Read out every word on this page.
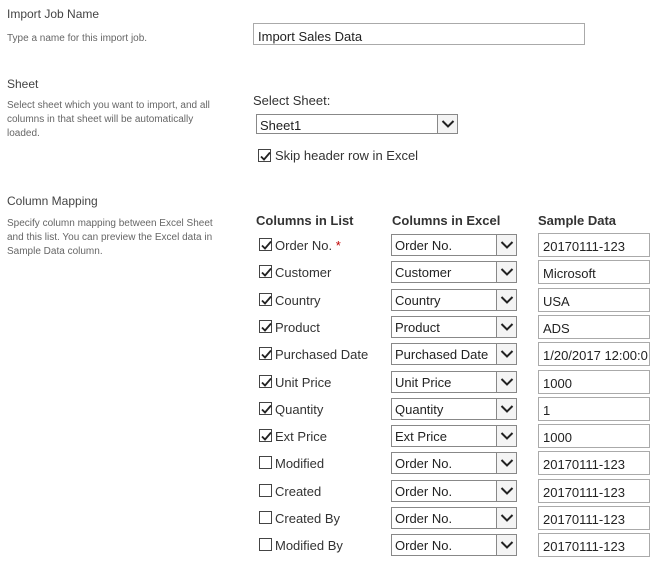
Import Job Name
Type a name for this import job.	Import Sales Data
Sheet
Select sheet which you want to import, and all columns in that sheet will be automatically loaded.
Select Sheet:
Sheet1
Skip header row in Excel
Column Mapping
Specify column mapping between Excel Sheet and this list. You can preview the Excel data in Sample Data column.
Columns in List	Columns in Excel	Sample Data
Order No. *	Order No.	20170111-123
Customer	Customer	Microsoft
Country	Country	USA
Product	Product	ADS
Purchased Date	Purchased Date	1/20/2017 12:00:0
Unit Price	Unit Price	1000
Quantity	Quantity	1
Ext Price	Ext Price	1000
Modified	Order No.	20170111-123
Created	Order No.	20170111-123
Created By	Order No.	20170111-123
Modified By	Order No.	20170111-123
